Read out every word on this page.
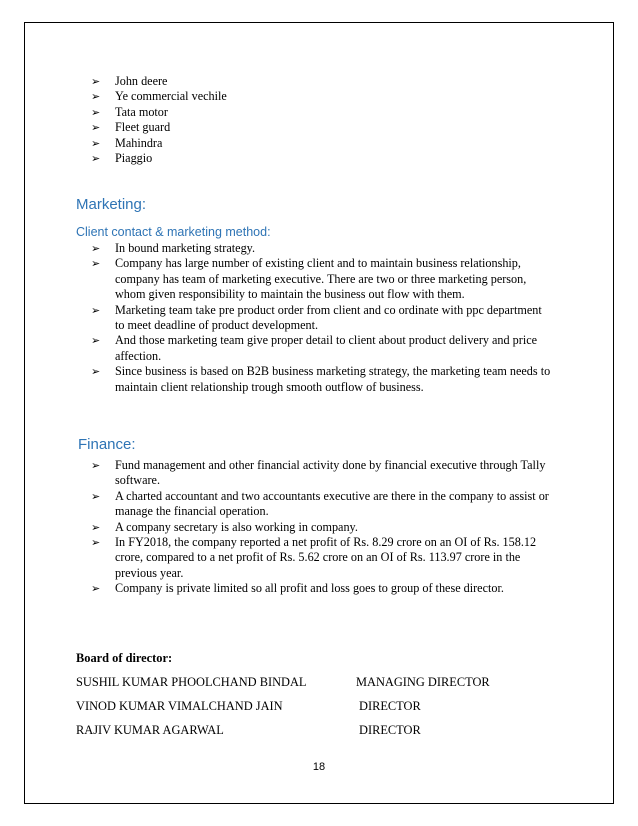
➢ John deere
➢ Ye commercial vechile
➢ Tata motor
➢ Fleet guard
➢ Mahindra
➢ Piaggio
Marketing:
Client contact & marketing method:
➢ In bound marketing strategy.
➢ Company has large number of existing client and to maintain business relationship,
company has team of marketing executive. There are two or three marketing person,
whom given responsibility to maintain the business out flow with them.
➢ Marketing team take pre product order from client and co ordinate with ppc department
to meet deadline of product development.
➢ And those marketing team give proper detail to client about product delivery and price
affection.
➢ Since business is based on B2B business marketing strategy, the marketing team needs to
maintain client relationship trough smooth outflow of business.
Finance:
➢ Fund management and other financial activity done by financial executive through Tally
software.
➢ A charted accountant and two accountants executive are there in the company to assist or
manage the financial operation.
➢ A company secretary is also working in company.
➢ In FY2018, the company reported a net profit of Rs. 8.29 crore on an OI of Rs. 158.12
crore, compared to a net profit of Rs. 5.62 crore on an OI of Rs. 113.97 crore in the
previous year.
➢ Company is private limited so all profit and loss goes to group of these director.
Board of director:
SUSHIL KUMAR PHOOLCHAND BINDAL	MANAGING DIRECTOR
VINOD KUMAR VIMALCHAND JAIN	DIRECTOR
RAJIV KUMAR AGARWAL	DIRECTOR
18
